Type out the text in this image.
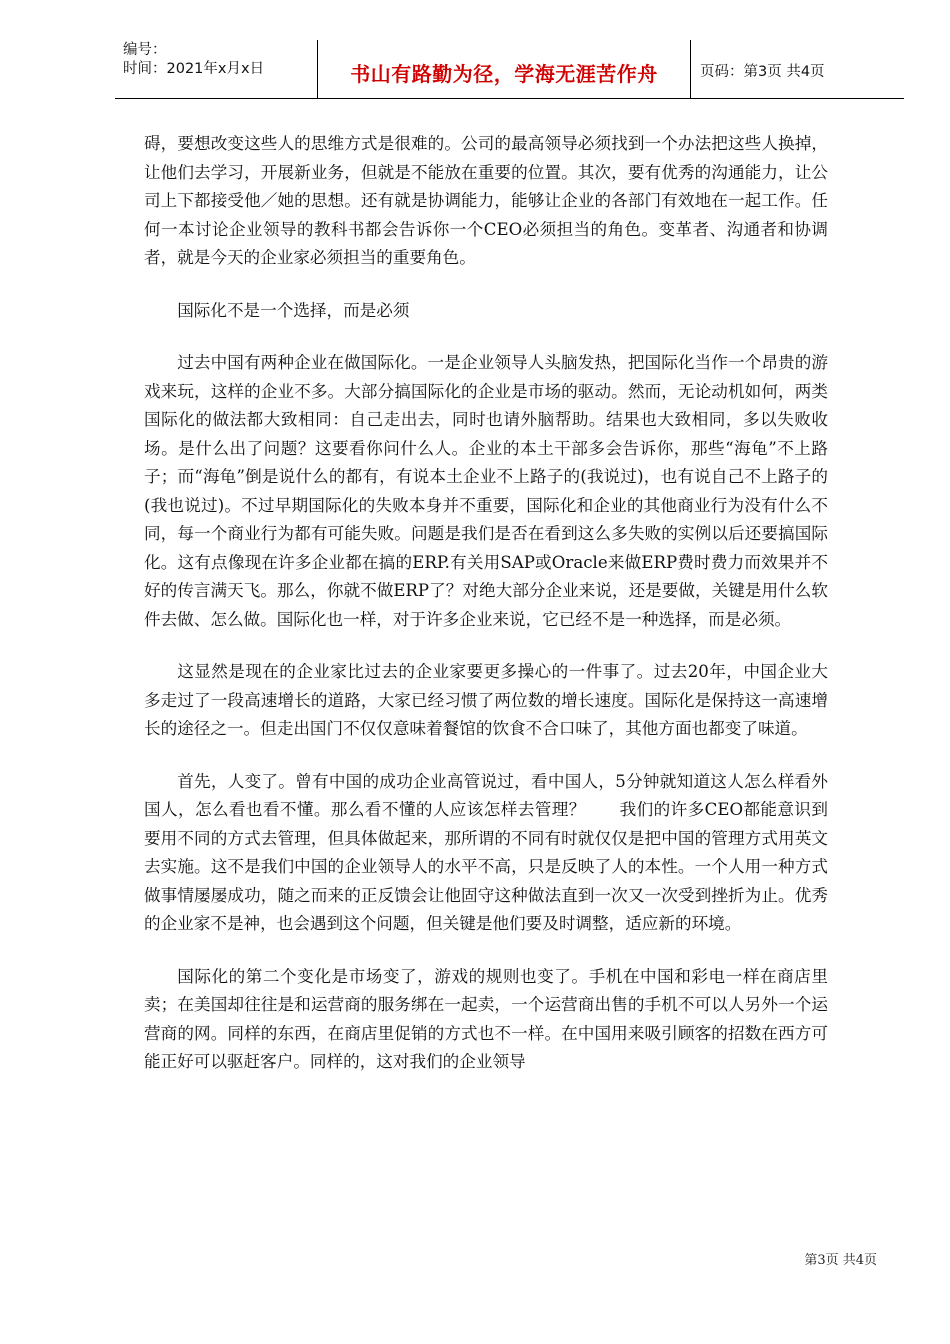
编号：
时间：2021年x月x日	书山有路勤为径，学海无涯苦作舟	页码：第3页 共4页

碍，要想改变这些人的思维方式是很难的。公司的最高领导必须找到一个办法把这些人换掉，让他们去学习，开展新业务，但就是不能放在重要的位置。其次，要有优秀的沟通能力，让公司上下都接受他／她的思想。还有就是协调能力，能够让企业的各部门有效地在一起工作。任何一本讨论企业领导的教科书都会告诉你一个CEO必须担当的角色。变革者、沟通者和协调者，就是今天的企业家必须担当的重要角色。

国际化不是一个选择，而是必须

过去中国有两种企业在做国际化。一是企业领导人头脑发热，把国际化当作一个昂贵的游戏来玩，这样的企业不多。大部分搞国际化的企业是市场的驱动。然而，无论动机如何，两类国际化的做法都大致相同：自己走出去，同时也请外脑帮助。结果也大致相同，多以失败收场。是什么出了问题？这要看你问什么人。企业的本土干部多会告诉你，那些“海龟”不上路子；而“海龟”倒是说什么的都有，有说本土企业不上路子的(我说过)，也有说自己不上路子的(我也说过)。不过早期国际化的失败本身并不重要，国际化和企业的其他商业行为没有什么不同，每一个商业行为都有可能失败。问题是我们是否在看到这么多失败的实例以后还要搞国际化。这有点像现在许多企业都在搞的ERP.有关用SAP或Oracle来做ERP费时费力而效果并不好的传言满天飞。那么，你就不做ERP了？对绝大部分企业来说，还是要做，关键是用什么软件去做、怎么做。国际化也一样，对于许多企业来说，它已经不是一种选择，而是必须。

这显然是现在的企业家比过去的企业家要更多操心的一件事了。过去20年，中国企业大多走过了一段高速增长的道路，大家已经习惯了两位数的增长速度。国际化是保持这一高速增长的途径之一。但走出国门不仅仅意味着餐馆的饮食不合口味了，其他方面也都变了味道。

首先，人变了。曾有中国的成功企业高管说过，看中国人，5分钟就知道这人怎么样看外国人，怎么看也看不懂。那么看不懂的人应该怎样去管理？　　我们的许多CEO都能意识到要用不同的方式去管理，但具体做起来，那所谓的不同有时就仅仅是把中国的管理方式用英文去实施。这不是我们中国的企业领导人的水平不高，只是反映了人的本性。一个人用一种方式做事情屡屡成功，随之而来的正反馈会让他固守这种做法直到一次又一次受到挫折为止。优秀的企业家不是神，也会遇到这个问题，但关键是他们要及时调整，适应新的环境。

国际化的第二个变化是市场变了，游戏的规则也变了。手机在中国和彩电一样在商店里卖；在美国却往往是和运营商的服务绑在一起卖，一个运营商出售的手机不可以人另外一个运营商的网。同样的东西，在商店里促销的方式也不一样。在中国用来吸引顾客的招数在西方可能正好可以驱赶客户。同样的，这对我们的企业领导

第3页 共4页
